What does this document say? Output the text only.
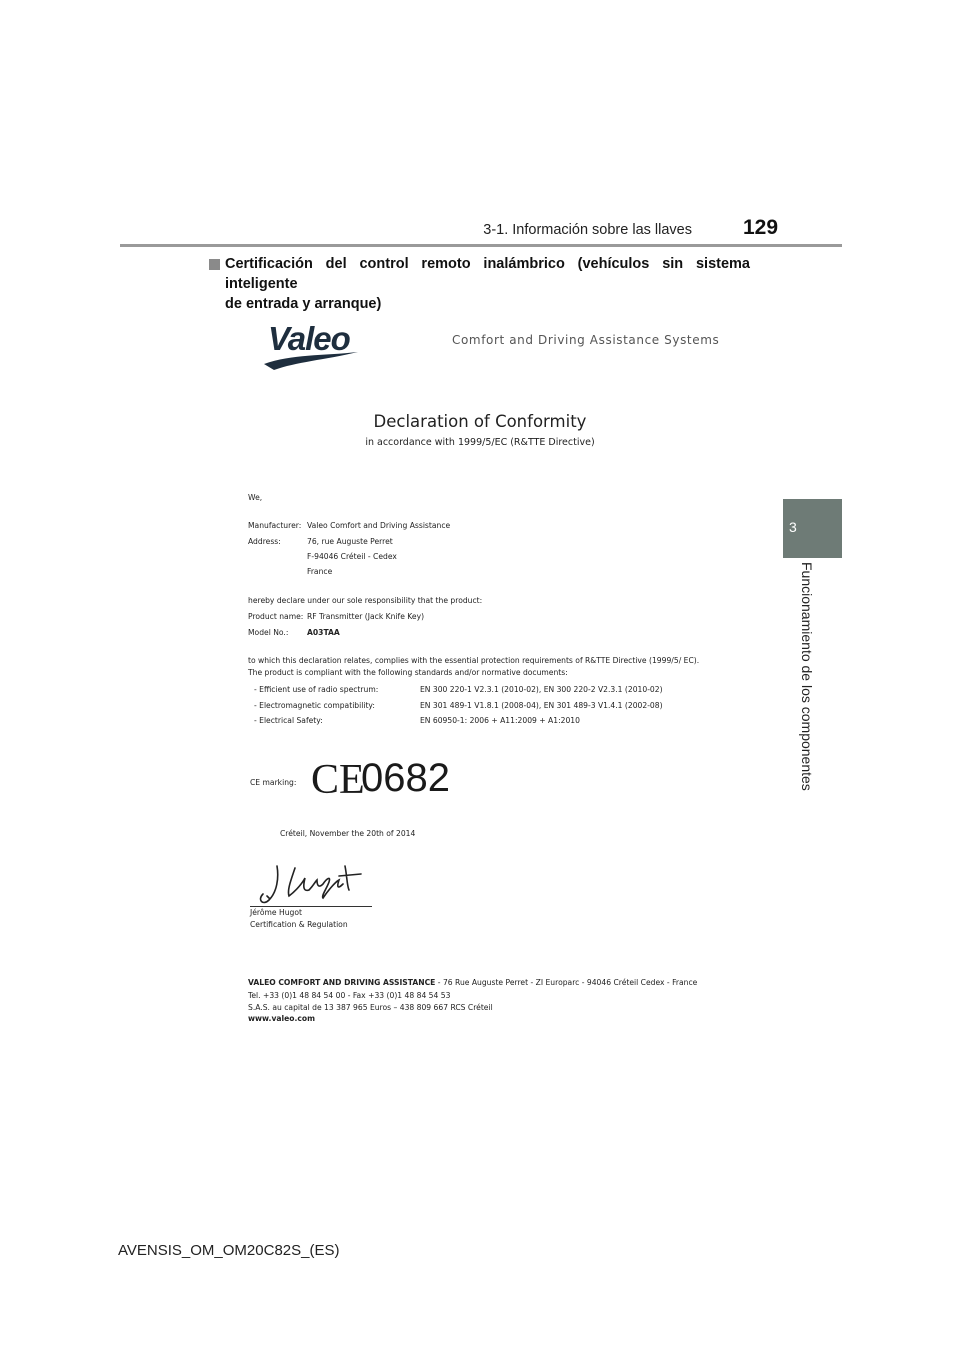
3-1. Información sobre las llaves 129
3
Funcionamiento de los componentes
Certificación del control remoto inalámbrico (vehículos sin sistema inteligente
de entrada y arranque)
Valeo	Comfort and Driving Assistance Systems
Declaration of Conformity
in accordance with 1999/5/EC (R&TTE Directive)
We,
Manufacturer: Valeo Comfort and Driving Assistance
Address:	76, rue Auguste Perret
F-94046 Créteil - Cedex
France
hereby declare under our sole responsibility that the product:
Product name: RF Transmitter (Jack Knife Key)
Model No.: A03TAA
to which this declaration relates, complies with the essential protection requirements of R&TTE Directive (1999/5/ EC).
The product is compliant with the following standards and/or normative documents:
- Efficient use of radio spectrum:	EN 300 220-1 V2.3.1 (2010-02), EN 300 220-2 V2.3.1 (2010-02)
- Electromagnetic compatibility:	EN 301 489-1 V1.8.1 (2008-04), EN 301 489-3 V1.4.1 (2002-08)
- Electrical Safety:	EN 60950-1: 2006 + A11:2009 + A1:2010
CE marking: CE
0682
Créteil, November the 20th of 2014
Jérôme Hugot
Certification & Regulation
VALEO COMFORT AND DRIVING ASSISTANCE - 76 Rue Auguste Perret - ZI Europarc - 94046 Créteil Cedex - France
Tel. +33 (0)1 48 84 54 00 - Fax +33 (0)1 48 84 54 53
S.A.S. au capital de 13 387 965 Euros – 438 809 667 RCS Créteil
www.valeo.com
AVENSIS_OM_OM20C82S_(ES)
